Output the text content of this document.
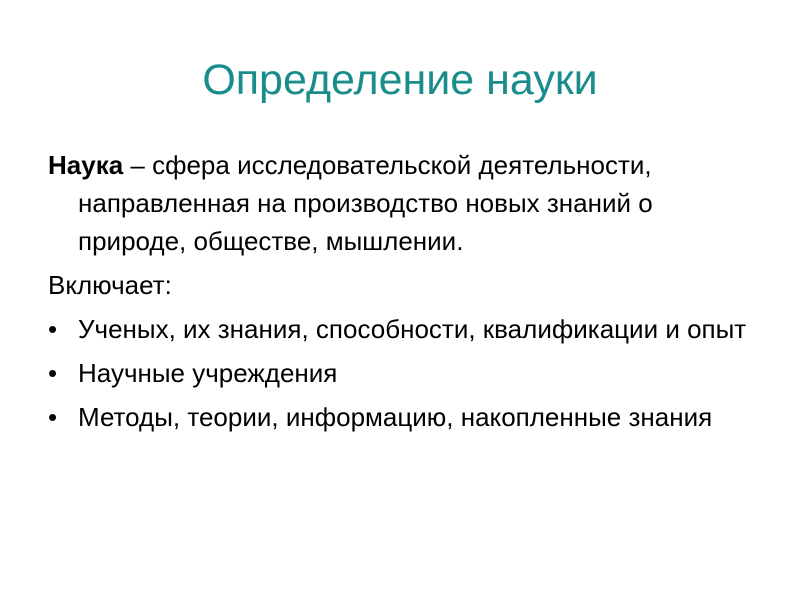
Определение науки

Наука – сфера исследовательской деятельности, направленная на производство новых знаний о природе, обществе, мышлении.

Включает:

• Ученых, их знания, способности, квалификации и опыт
• Научные учреждения
• Методы, теории, информацию, накопленные знания
